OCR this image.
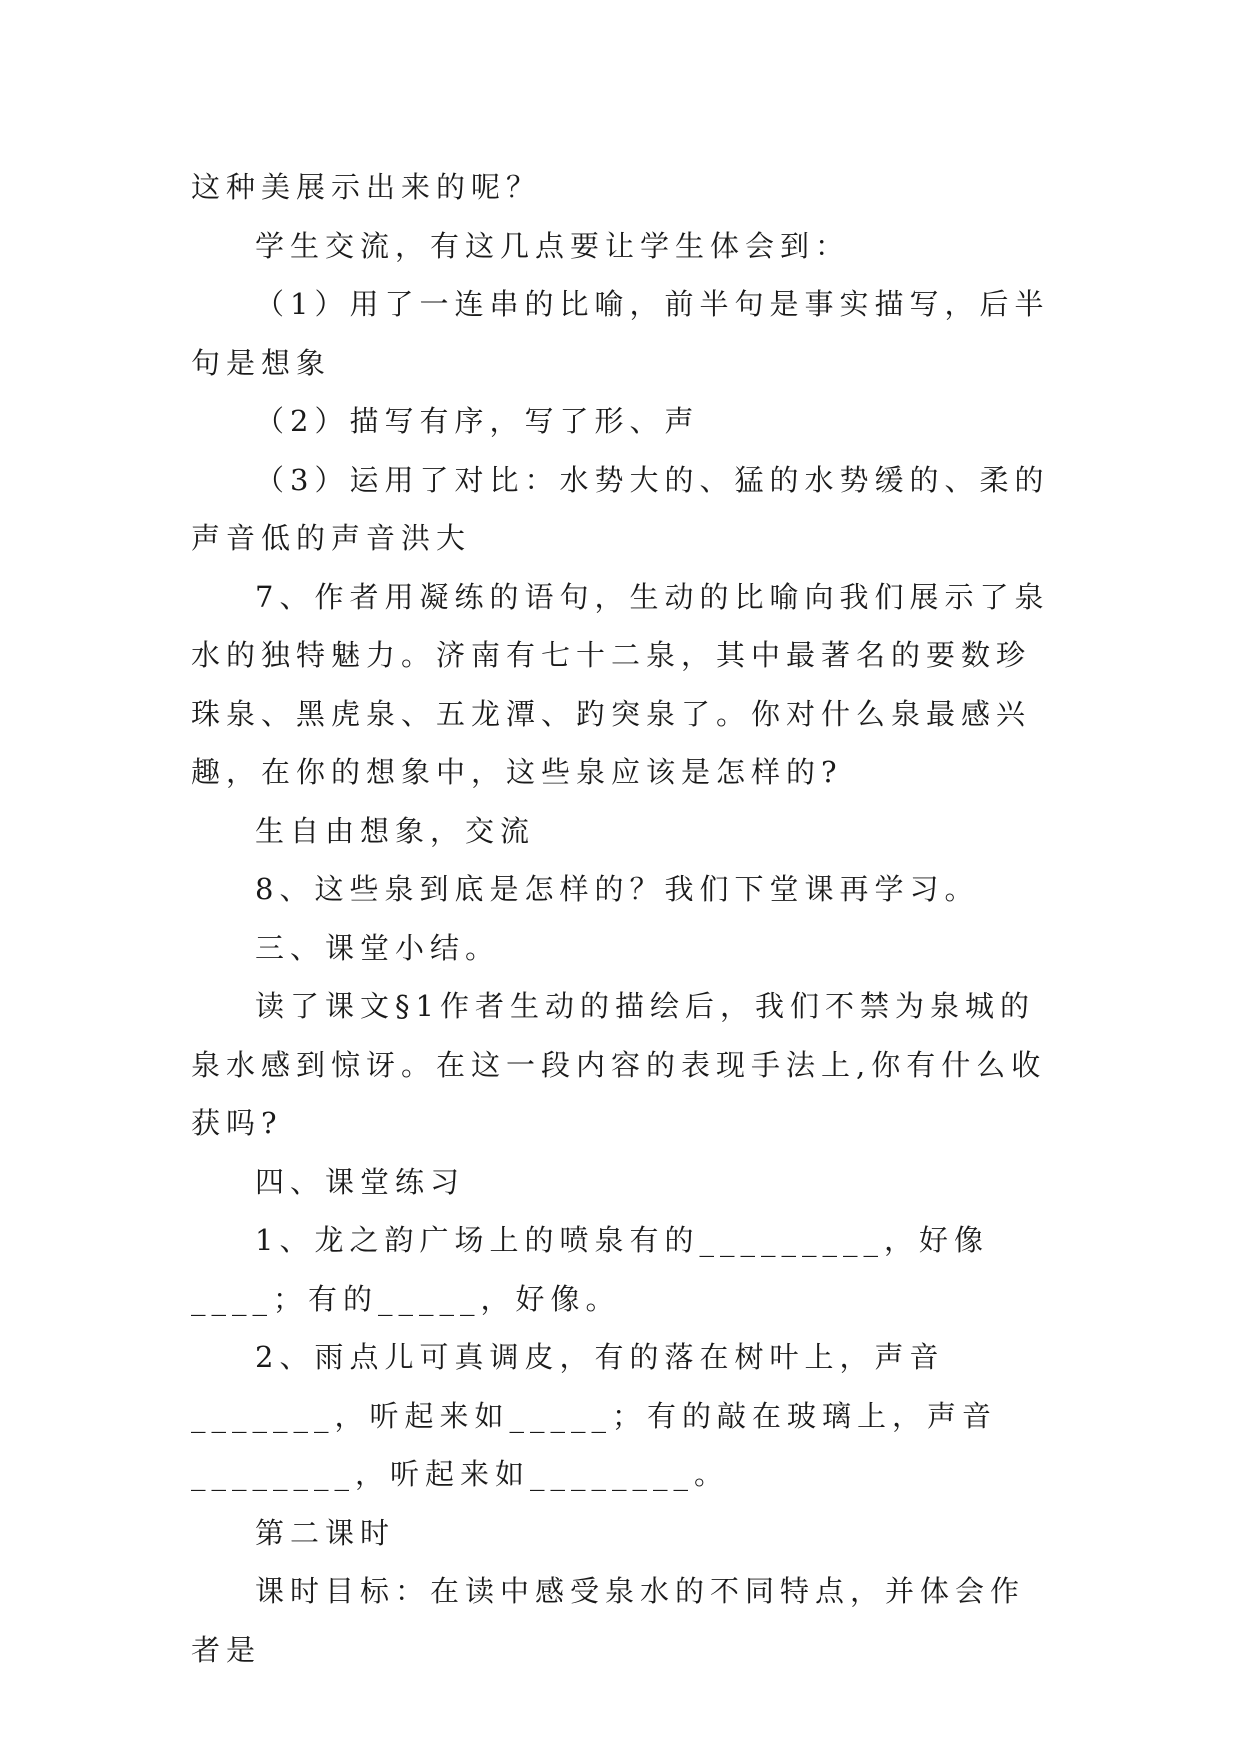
这种美展示出来的呢？

学生交流，有这几点要让学生体会到：

（1）用了一连串的比喻，前半句是事实描写，后半句是想象

（2）描写有序，写了形、声

（3）运用了对比：水势大的、猛的水势缓的、柔的声音低的声音洪大

7、作者用凝练的语句，生动的比喻向我们展示了泉水的独特魅力。济南有七十二泉，其中最著名的要数珍珠泉、黑虎泉、五龙潭、趵突泉了。你对什么泉最感兴趣，在你的想象中，这些泉应该是怎样的?

生自由想象，交流

8、这些泉到底是怎样的？我们下堂课再学习。

三、课堂小结。

读了课文§1作者生动的描绘后，我们不禁为泉城的泉水感到惊讶。在这一段内容的表现手法上,你有什么收获吗?

四、课堂练习

1、龙之韵广场上的喷泉有的_________，好像____；有的_____，好像。

2、雨点儿可真调皮，有的落在树叶上，声音_______，听起来如_____；有的敲在玻璃上，声音________，听起来如________。

第二课时

课时目标：在读中感受泉水的不同特点，并体会作者是
